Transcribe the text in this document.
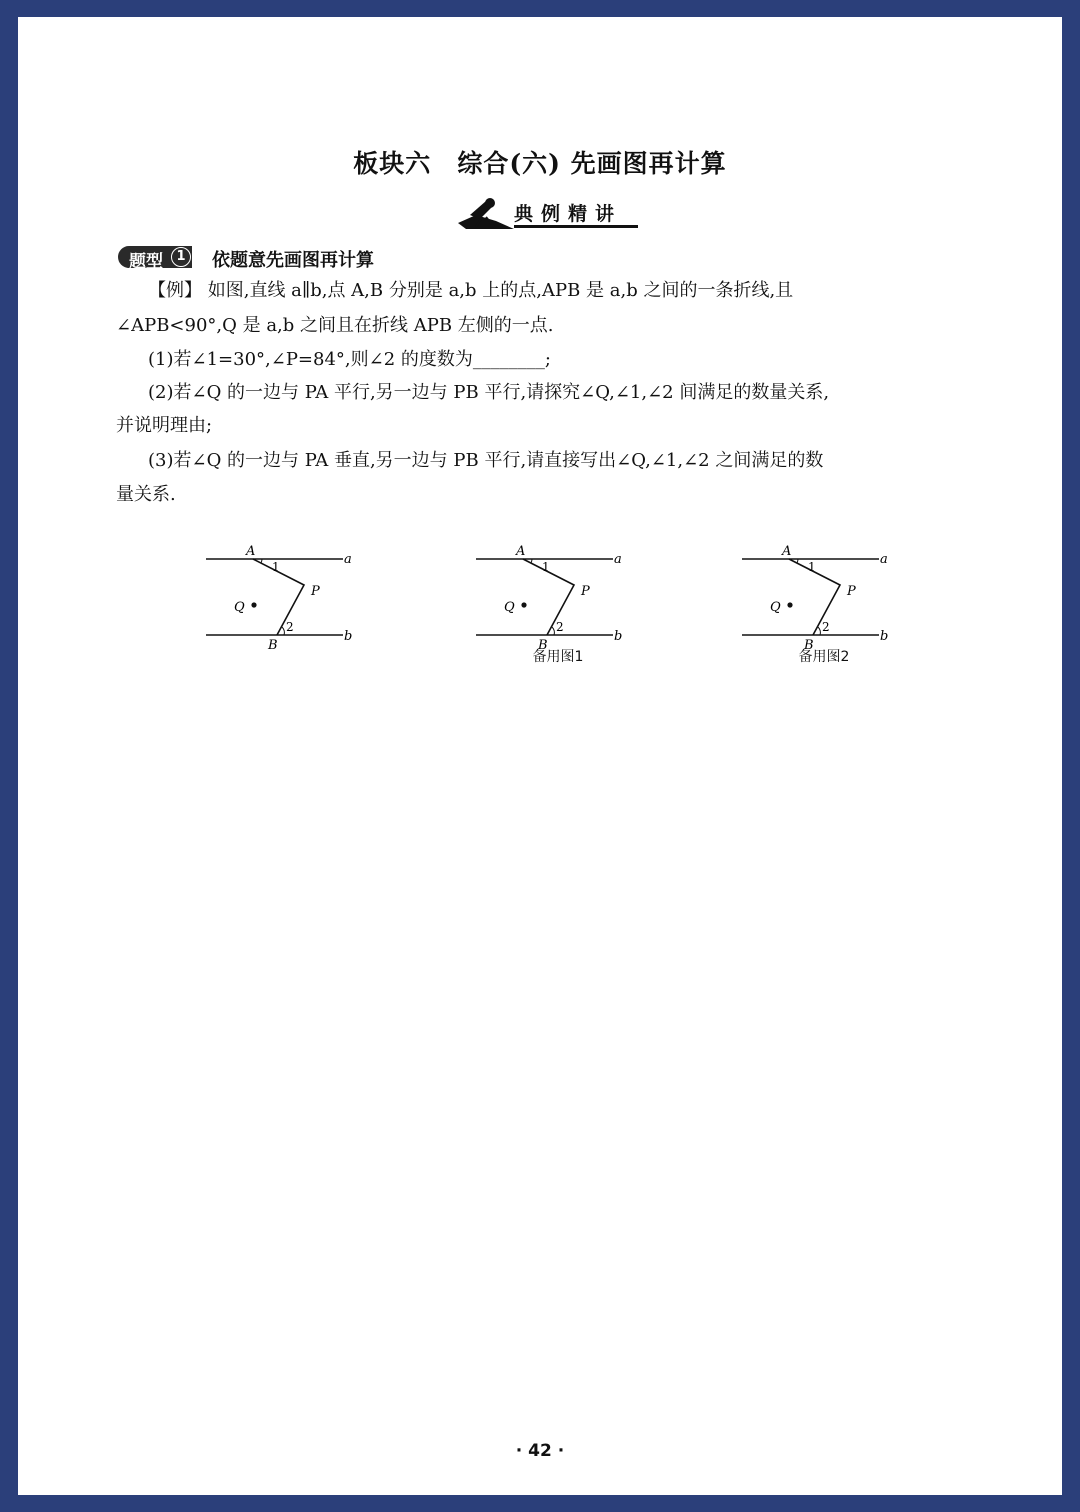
板块六 综合(六) 先画图再计算
典例精讲
题型	1	依题意先画图再计算
【例】 如图,直线 a∥b,点 A,B 分别是 a,b 上的点,APB 是 a,b 之间的一条折线,且
∠APB<90°,Q 是 a,b 之间且在折线 APB 左侧的一点.
(1)若∠1=30°,∠P=84°,则∠2 的度数为________;
(2)若∠Q 的一边与 PA 平行,另一边与 PB 平行,请探究∠Q,∠1,∠2 间满足的数量关系,
并说明理由;
(3)若∠Q 的一边与 PA 垂直,另一边与 PB 平行,请直接写出∠Q,∠1,∠2 之间满足的数
量关系.
A
1	a
P
Q
2
b
B
A
1	a
P
Q
2
b
B
备用图1
A
1	a
P
Q
2
b
B
备用图2
· 42 ·
